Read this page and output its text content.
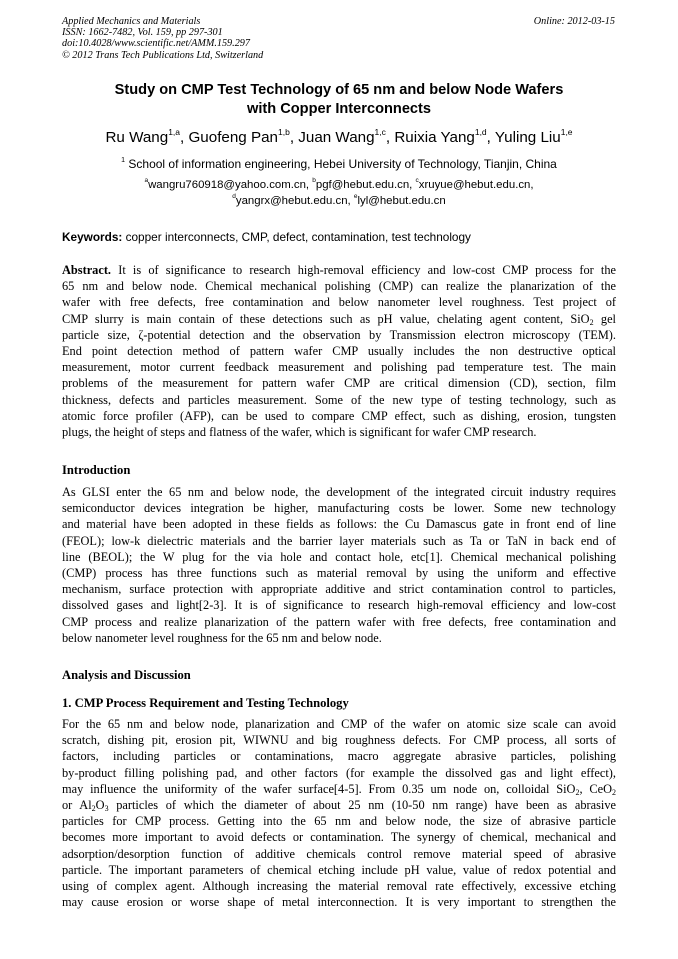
Applied Mechanics and Materials
ISSN: 1662-7482, Vol. 159, pp 297-301
doi:10.4028/www.scientific.net/AMM.159.297
© 2012 Trans Tech Publications Ltd, Switzerland
Online: 2012-03-15
Study on CMP Test Technology of 65 nm and below Node Wafers
with Copper Interconnects
Ru Wang$^{1,a}$, Guofeng Pan$^{1,b}$, Juan Wang$^{1,c}$, Ruixia Yang$^{1,d}$, Yuling Liu$^{1,e}$
$^1$ School of information engineering, Hebei University of Technology, Tianjin, China
$^a$wangru760918@yahoo.com.cn, $^b$pgf@hebut.edu.cn, $^c$xruyue@hebut.edu.cn,
$^d$yangrx@hebut.edu.cn, $^e$lyl@hebut.edu.cn
Keywords: copper interconnects, CMP, defect, contamination, test technology
Abstract. It is of significance to research high-removal efficiency and low-cost CMP process for the
65 nm and below node. Chemical mechanical polishing (CMP) can realize the planarization of the
wafer with free defects, free contamination and below nanometer level roughness. Test project of
CMP slurry is main contain of these detections such as pH value, chelating agent content, SiO$_2$ gel
particle size, ζ-potential detection and the observation by Transmission electron microscopy (TEM).
End point detection method of pattern wafer CMP usually includes the non destructive optical
measurement, motor current feedback measurement and polishing pad temperature test. The main
problems of the measurement for pattern wafer CMP are critical dimension (CD), section, film
thickness, defects and particles measurement. Some of the new type of testing technology, such as
atomic force profiler (AFP), can be used to compare CMP effect, such as dishing, erosion, tungsten
plugs, the height of steps and flatness of the wafer, which is significant for wafer CMP research.
Introduction
As GLSI enter the 65 nm and below node, the development of the integrated circuit industry requires
semiconductor devices integration be higher, manufacturing costs be lower. Some new technology
and material have been adopted in these fields as follows: the Cu Damascus gate in front end of line
(FEOL); low-k dielectric materials and the barrier layer materials such as Ta or TaN in back end of
line (BEOL); the W plug for the via hole and contact hole, etc[1]. Chemical mechanical polishing
(CMP) process has three functions such as material removal by using the uniform and effective
mechanism, surface protection with appropriate additive and strict contamination control to particles,
dissolved gases and light[2-3]. It is of significance to research high-removal efficiency and low-cost
CMP process and realize planarization of the pattern wafer with free defects, free contamination and
below nanometer level roughness for the 65 nm and below node.
Analysis and Discussion
1. CMP Process Requirement and Testing Technology
For the 65 nm and below node, planarization and CMP of the wafer on atomic size scale can avoid
scratch, dishing pit, erosion pit, WIWNU and big roughness defects. For CMP process, all sorts of
factors, including particles or contaminations, macro aggregate abrasive particles, polishing
by-product filling polishing pad, and other factors (for example the dissolved gas and light effect),
may influence the uniformity of the wafer surface[4-5]. From 0.35 um node on, colloidal SiO$_2$, CeO$_2$
or $Al_2O_3$ particles of which the diameter of about 25 nm (10-50 nm range) have been as abrasive
particles for CMP process. Getting into the 65 nm and below node, the size of abrasive particle
becomes more important to avoid defects or contamination. The synergy of chemical, mechanical and
adsorption/desorption function of additive chemicals control remove material speed of abrasive
particle. The important parameters of chemical etching include pH value, value of redox potential and
using of complex agent. Although increasing the material removal rate effectively, excessive etching
may cause erosion or worse shape of metal interconnection. It is very important to strengthen the
